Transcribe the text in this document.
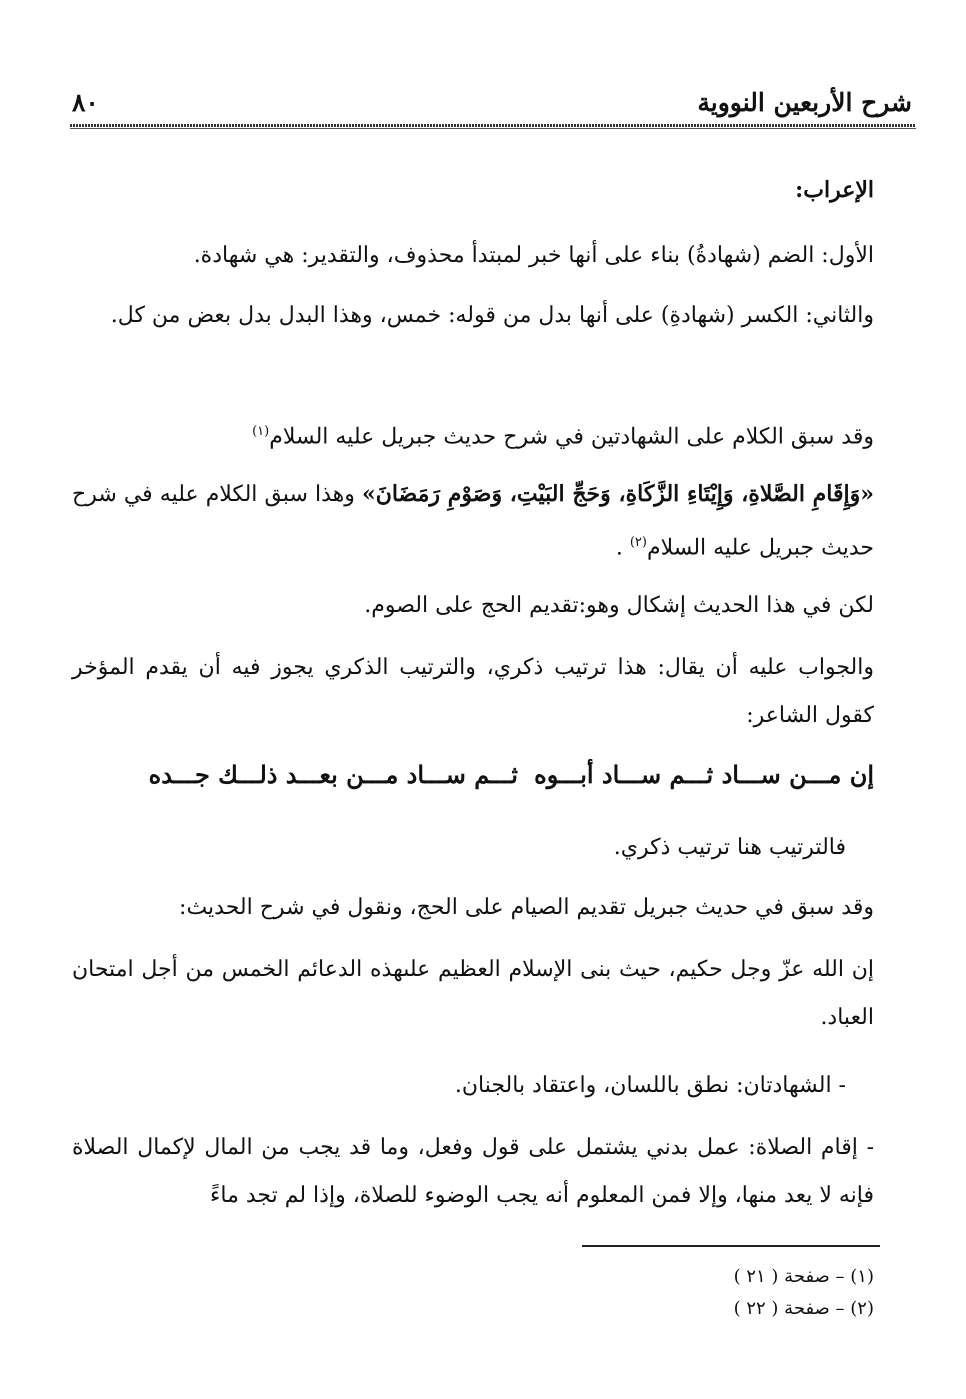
شرح الأربعين النووية
٨٠
الإعراب:
الأول: الضم (شهادةُ) بناء على أنها خبر لمبتدأ محذوف، والتقدير: هي شهادة.
والثاني: الكسر (شهادةِ) على أنها بدل من قوله: خمس، وهذا البدل بدل بعض من كل.
وقد سبق الكلام على الشهادتين في شرح حديث جبريل عليه السلام$^{(١)}$
«وَإِقَامِ الصَّلاةِ، وَإِيْتَاءِ الزَّكَاةِ، وَحَجِّ البَيْتِ، وَصَوْمِ رَمَضَانَ» وهذا سبق الكلام عليه في شرح حديث جبريل عليه السلام$^{(٢)}$ .
لكن في هذا الحديث إشكال وهو:تقديم الحج على الصوم.
والجواب عليه أن يقال: هذا ترتيب ذكري، والترتيب الذكري يجوز فيه أن يقدم المؤخر كقول الشاعر:
إن مـــن ســـاد ثـــم ســـاد أبـــوه
ثـــم ســـاد مـــن بعـــد ذلـــك جـــده
فالترتيب هنا ترتيب ذكري.
وقد سبق في حديث جبريل تقديم الصيام على الحج، ونقول في شرح الحديث:
إن الله عزّ وجل حكيم، حيث بنى الإسلام العظيم علىهذه الدعائم الخمس من أجل امتحان العباد.
- الشهادتان: نطق باللسان، واعتقاد بالجنان.
- إقام الصلاة: عمل بدني يشتمل على قول وفعل، وما قد يجب من المال لإكمال الصلاة فإنه لا يعد منها، وإلا فمن المعلوم أنه يجب الوضوء للصلاة، وإذا لم تجد ماءً
(١) – صفحة ( ٢١ )
(٢) – صفحة ( ٢٢ )
